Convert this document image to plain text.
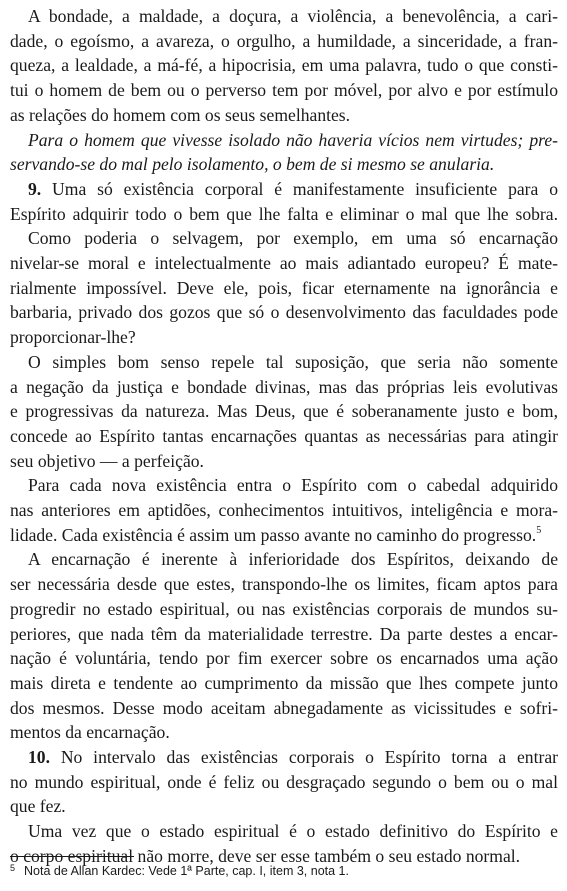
A bondade, a maldade, a doçura, a violência, a benevolência, a cari-

dade, o egoísmo, a avareza, o orgulho, a humildade, a sinceridade, a fran-

queza, a lealdade, a má-fé, a hipocrisia, em uma palavra, tudo o que consti-

tui o homem de bem ou o perverso tem por móvel, por alvo e por estímulo

as relações do homem com os seus semelhantes.

Para o homem que vivesse isolado não haveria vícios nem virtudes; pre-

servando-se do mal pelo isolamento, o bem de si mesmo se anularia.

9. Uma só existência corporal é manifestamente insuficiente para o

Espírito adquirir todo o bem que lhe falta e eliminar o mal que lhe sobra.

Como poderia o selvagem, por exemplo, em uma só encarnação

nivelar-se moral e intelectualmente ao mais adiantado europeu? É mate-

rialmente impossível. Deve ele, pois, ficar eternamente na ignorância e

barbaria, privado dos gozos que só o desenvolvimento das faculdades pode

proporcionar-lhe?

O simples bom senso repele tal suposição, que seria não somente

a negação da justiça e bondade divinas, mas das próprias leis evolutivas

e progressivas da natureza. Mas Deus, que é soberanamente justo e bom,

concede ao Espírito tantas encarnações quantas as necessárias para atingir

seu objetivo — a perfeição.

Para cada nova existência entra o Espírito com o cabedal adquirido

nas anteriores em aptidões, conhecimentos intuitivos, inteligência e mora-

lidade. Cada existência é assim um passo avante no caminho do progresso.$^5$

A encarnação é inerente à inferioridade dos Espíritos, deixando de

ser necessária desde que estes, transpondo-lhe os limites, ficam aptos para

progredir no estado espiritual, ou nas existências corporais de mundos su-

periores, que nada têm da materialidade terrestre. Da parte destes a encar-

nação é voluntária, tendo por fim exercer sobre os encarnados uma ação

mais direta e tendente ao cumprimento da missão que lhes compete junto

dos mesmos. Desse modo aceitam abnegadamente as vicissitudes e sofri-

mentos da encarnação.

10. No intervalo das existências corporais o Espírito torna a entrar

no mundo espiritual, onde é feliz ou desgraçado segundo o bem ou o mal

que fez.

Uma vez que o estado espiritual é o estado definitivo do Espírito e

o corpo espiritual não morre, deve ser esse também o seu estado normal.

5 Nota de Allan Kardec: Vede 1ª Parte, cap. I, item 3, nota 1.
